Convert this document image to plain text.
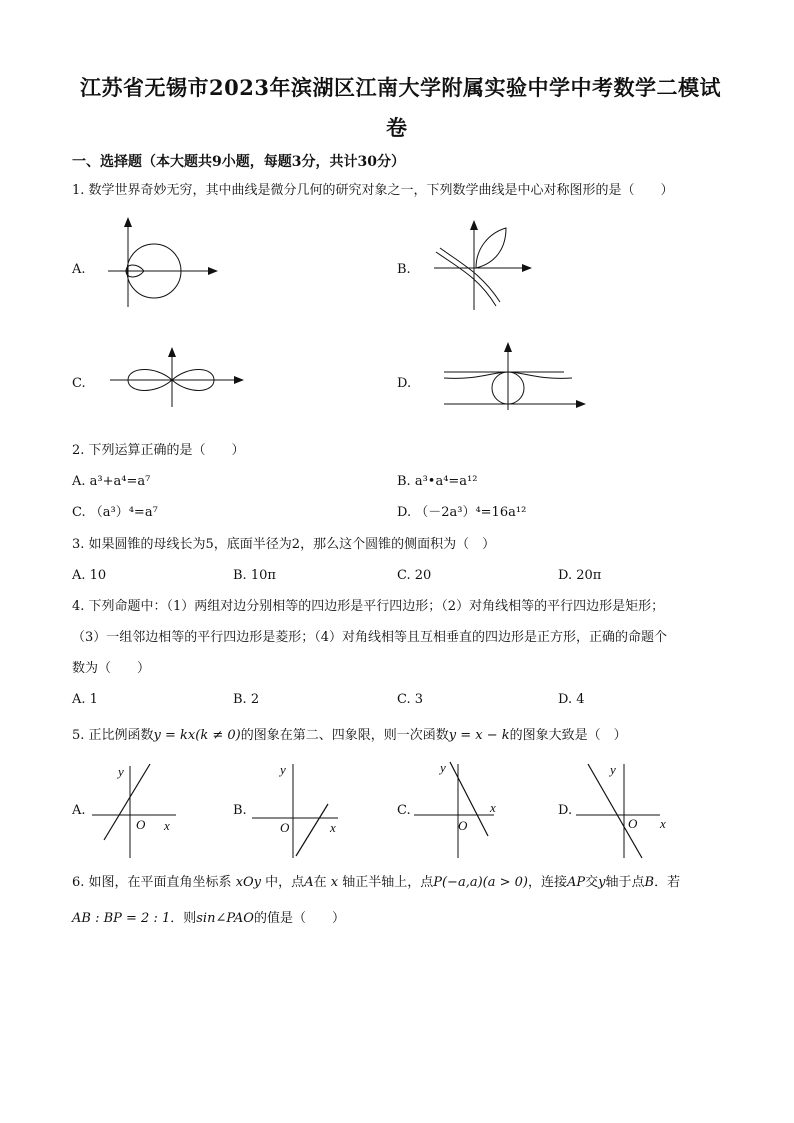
江苏省无锡市2023年滨湖区江南大学附属实验中学中考数学二模试
卷
一、选择题（本大题共9小题，每题3分，共计30分）
1. 数学世界奇妙无穷，其中曲线是微分几何的研究对象之一，下列数学曲线是中心对称图形的是（　　）
A.	B.
C.	D.
2. 下列运算正确的是（　　）
A. a³+a⁴=a⁷	B. a³•a⁴=a¹²
C. （a³）⁴=a⁷	D. （－2a³）⁴=16a¹²
3. 如果圆锥的母线长为5，底面半径为2，那么这个圆锥的侧面积为（　）
A. 10	B. 10π	C. 20	D. 20π
4. 下列命题中：（1）两组对边分别相等的四边形是平行四边形；（2）对角线相等的平行四边形是矩形；
（3）一组邻边相等的平行四边形是菱形；（4）对角线相等且互相垂直的四边形是正方形，正确的命题个
数为（　　）
A. 1	B. 2	C. 3	D. 4
5. 正比例函数y = kx(k ≠ 0)的图象在第二、四象限，则一次函数y = x − k的图象大致是（　）
A.
y
x
O
B.
y
x
O
C.
y
x
O
D.
y
x
O
6. 如图，在平面直角坐标系 xOy 中，点A在 x 轴正半轴上，点P(−a,a)(a > 0)，连接AP交y轴于点B．若
AB : BP = 2 : 1．则sin∠PAO的值是（　　）
